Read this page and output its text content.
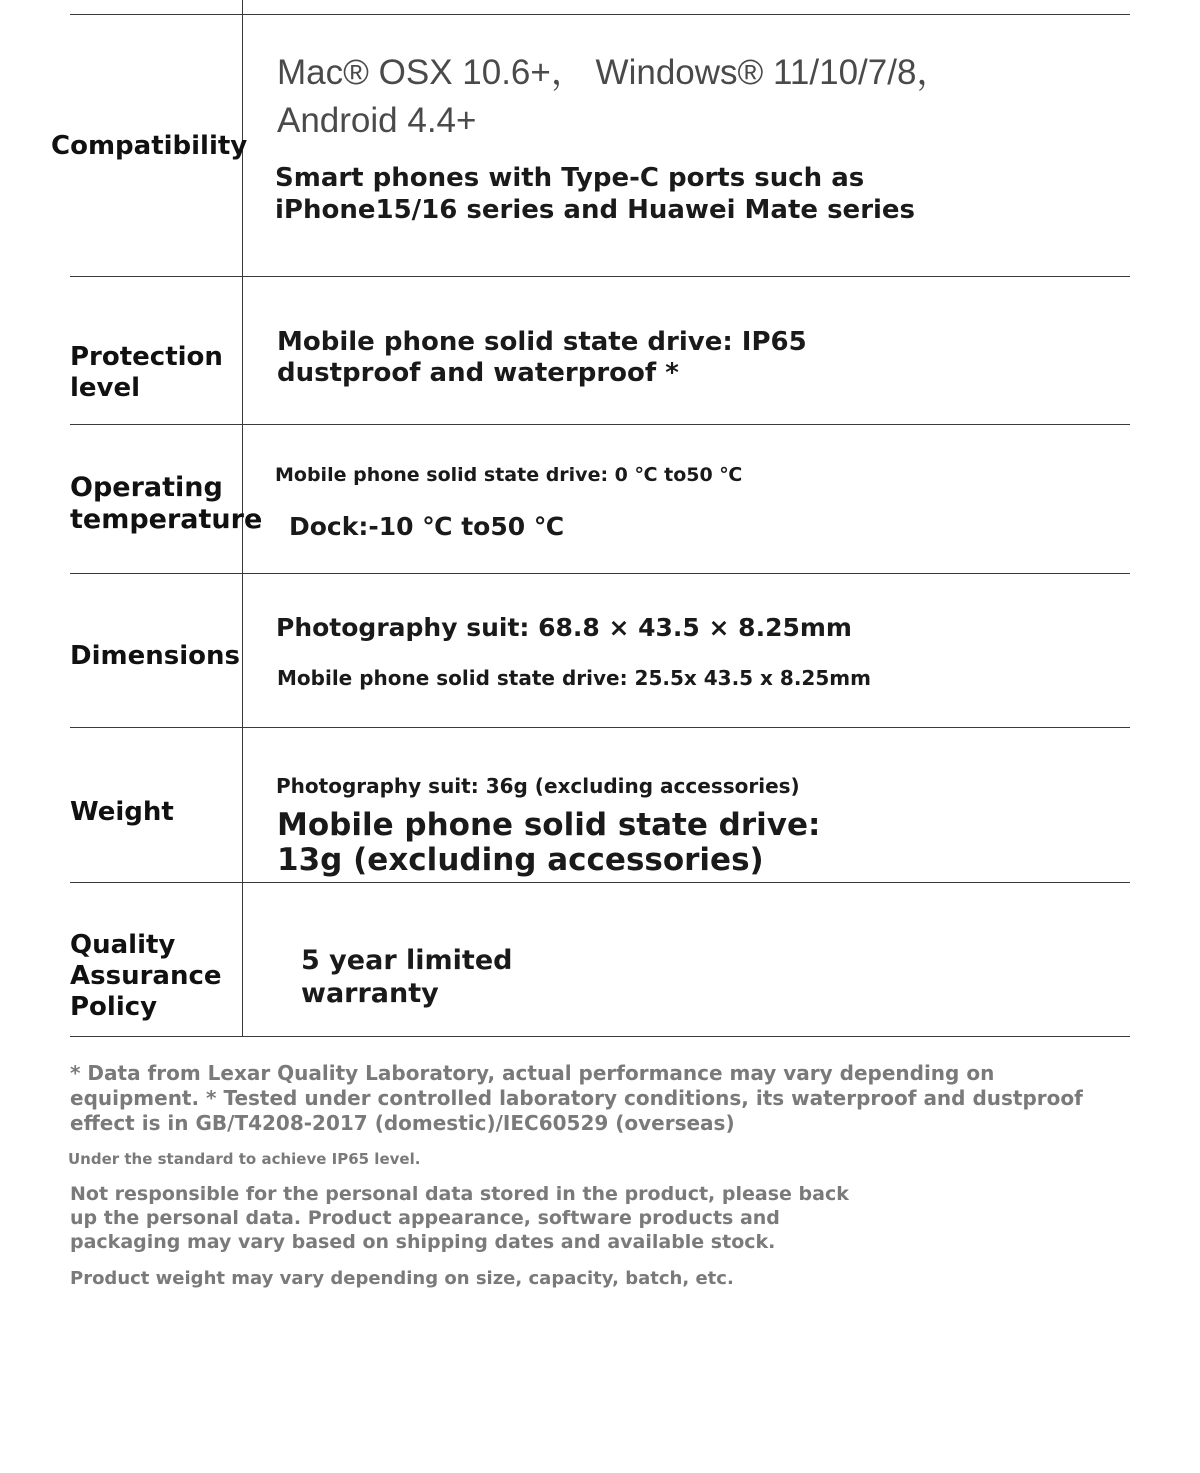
Compatibility
Mac® OSX 10.6+， Windows® 11/10/7/8，
Android 4.4+
Smart phones with Type-C ports such as
iPhone15/16 series and Huawei Mate series
Protection
level
Mobile phone solid state drive: IP65
dustproof and waterproof *
Operating
temperature
Mobile phone solid state drive: 0 ℃ to50 ℃
Dock:-10 ℃ to50 ℃
Dimensions
Photography suit: 68.8 × 43.5 × 8.25mm
Mobile phone solid state drive: 25.5x 43.5 x 8.25mm
Weight
Photography suit: 36g (excluding accessories)
Mobile phone solid state drive:
13g (excluding accessories)
Quality
Assurance
Policy
5 year limited
warranty
* Data from Lexar Quality Laboratory, actual performance may vary depending on
equipment. * Tested under controlled laboratory conditions, its waterproof and dustproof
effect is in GB/T4208-2017 (domestic)/IEC60529 (overseas)
Under the standard to achieve IP65 level.
Not responsible for the personal data stored in the product, please back
up the personal data. Product appearance, software products and
packaging may vary based on shipping dates and available stock.
Product weight may vary depending on size, capacity, batch, etc.
